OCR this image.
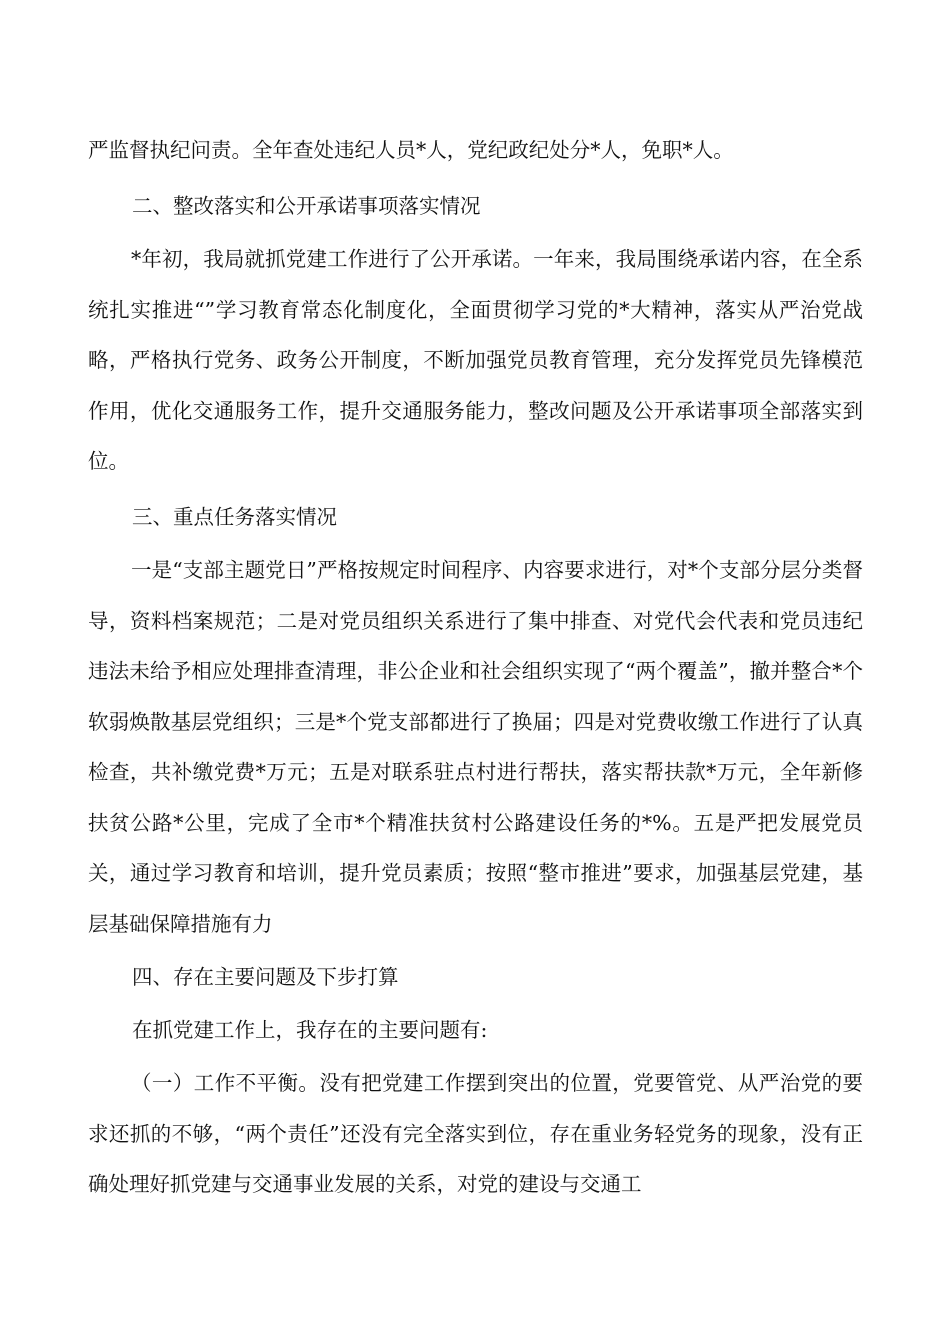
严监督执纪问责。全年查处违纪人员*人，党纪政纪处分*人，免职*人。

二、整改落实和公开承诺事项落实情况

*年初，我局就抓党建工作进行了公开承诺。一年来，我局围绕承诺内容，在全系统扎实推进“”学习教育常态化制度化，全面贯彻学习党的*大精神，落实从严治党战略，严格执行党务、政务公开制度，不断加强党员教育管理，充分发挥党员先锋模范作用，优化交通服务工作，提升交通服务能力，整改问题及公开承诺事项全部落实到位。

三、重点任务落实情况

一是“支部主题党日”严格按规定时间程序、内容要求进行，对*个支部分层分类督导，资料档案规范；二是对党员组织关系进行了集中排查、对党代会代表和党员违纪违法未给予相应处理排查清理，非公企业和社会组织实现了“两个覆盖”，撤并整合*个软弱焕散基层党组织；三是*个党支部都进行了换届；四是对党费收缴工作进行了认真检查，共补缴党费*万元；五是对联系驻点村进行帮扶，落实帮扶款*万元，全年新修扶贫公路*公里，完成了全市*个精准扶贫村公路建设任务的*%。五是严把发展党员关，通过学习教育和培训，提升党员素质；按照“整市推进”要求，加强基层党建，基层基础保障措施有力

四、存在主要问题及下步打算

在抓党建工作上，我存在的主要问题有:

（一）工作不平衡。没有把党建工作摆到突出的位置，党要管党、从严治党的要求还抓的不够，“两个责任”还没有完全落实到位，存在重业务轻党务的现象，没有正确处理好抓党建与交通事业发展的关系，对党的建设与交通工
